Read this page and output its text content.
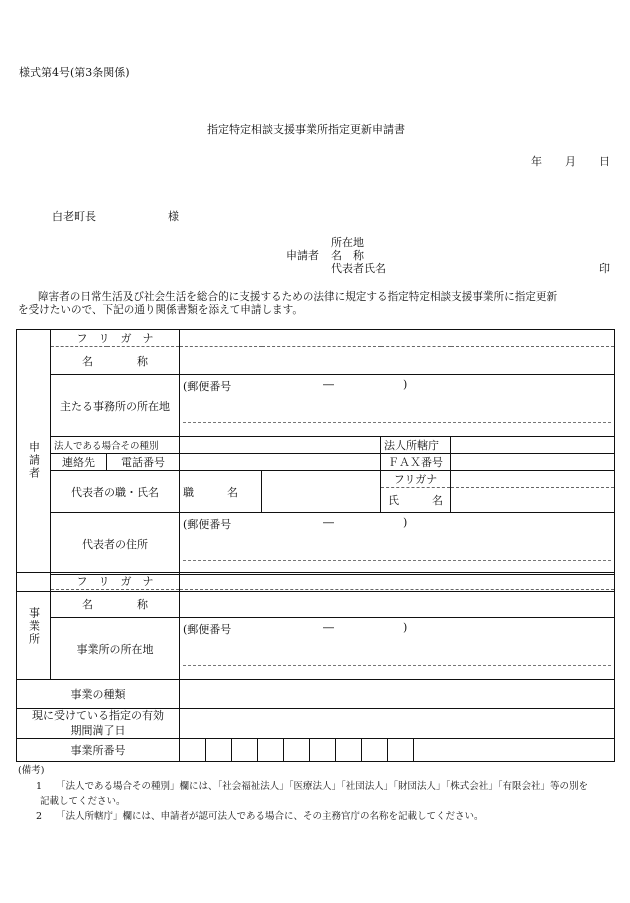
様式第4号(第3条関係)
指定特定相談支援事業所指定更新申請書
年 月 日
白老町長	様
所在地
申請者 名　称
代表者氏名	印
障害者の日常生活及び社会生活を総合的に支援するための法律に規定する指定特定相談支援事業所に指定更新
を受けたいので、下記の通り関係書類を添えて申請します。
申請者	フ　リ　ガ　ナ					
	名　　　　称					
	主たる事務所の所在地		(郵便番号 ― )			

	法人である場合その種別				法人所轄庁	
	連絡先	電話番号			ＦＡＸ番号	
	代表者の職・氏名		職　　　名		フリガナ	
					氏　　　名	
	代表者の住所		(郵便番号 ― )			

事業所	フ　リ　ガ　ナ	
	名　　　　称	
	事業所の所在地	(郵便番号 ― )

事業の種類		

現に受けている指定の有効
期間満了日		

事業所番号		
(備考)
1 「法人である場合その種別」欄には、「社会福祉法人」「医療法人」「社団法人」「財団法人」「株式会社」「有限会社」等の別を
記載してください。
2 「法人所轄庁」欄には、申請者が認可法人である場合に、その主務官庁の名称を記載してください。
